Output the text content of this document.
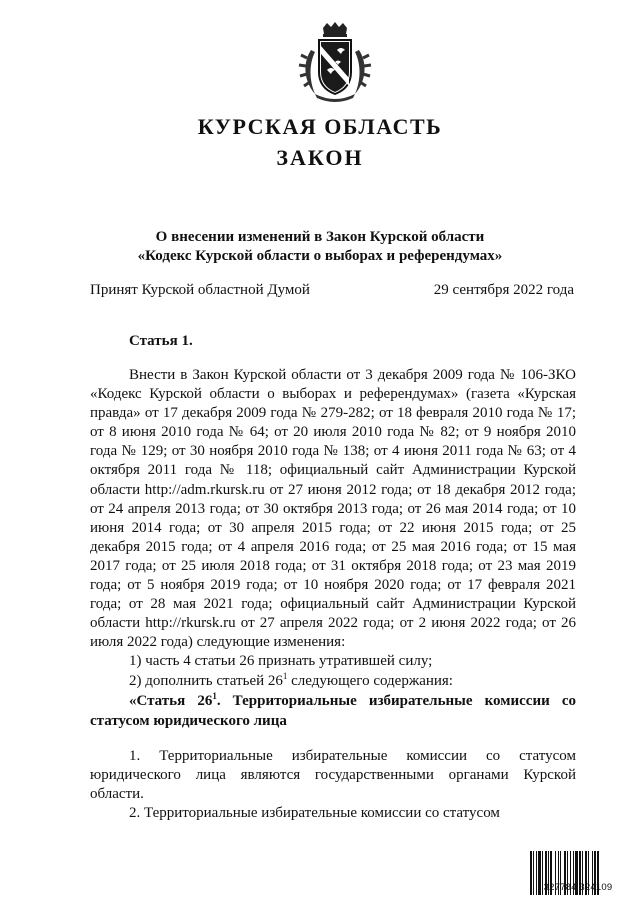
КУРСКАЯ ОБЛАСТЬ
ЗАКОН
О внесении изменений в Закон Курской области
«Кодекс Курской области о выборах и референдумах»
Принят Курской областной Думой	29 сентября 2022 года
Статья 1.

Внести в Закон Курской области от 3 декабря 2009 года № 106-ЗКО «Кодекс Курской области о выборах и референдумах» (газета «Курская правда» от 17 декабря 2009 года № 279-282; от 18 февраля 2010 года № 17; от 8 июня 2010 года № 64; от 20 июля 2010 года № 82; от 9 ноября 2010 года № 129; от 30 ноября 2010 года № 138; от 4 июня 2011 года № 63; от 4 октября 2011 года № 118; официальный сайт Администрации Курской области http://adm.rkursk.ru от 27 июня 2012 года; от 18 декабря 2012 года; от 24 апреля 2013 года; от 30 октября 2013 года; от 26 мая 2014 года; от 10 июня 2014 года; от 30 апреля 2015 года; от 22 июня 2015 года; от 25 декабря 2015 года; от 4 апреля 2016 года; от 25 мая 2016 года; от 15 мая 2017 года; от 25 июля 2018 года; от 31 октября 2018 года; от 23 мая 2019 года; от 5 ноября 2019 года; от 10 ноября 2020 года; от 17 февраля 2021 года; от 28 мая 2021 года; официальный сайт Администрации Курской области http://rkursk.ru от 27 апреля 2022 года; от 2 июня 2022 года; от 26 июля 2022 года) следующие изменения:

1) часть 4 статьи 26 признать утратившей силу;

2) дополнить статьей $26^1$ следующего содержания:

«Статья $26^1$. Территориальные избирательные комиссии со статусом юридического лица

1. Территориальные избирательные комиссии со статусом юридического лица являются государственными органами Курской области.

2. Территориальные избирательные комиссии со статусом

327784 324109
